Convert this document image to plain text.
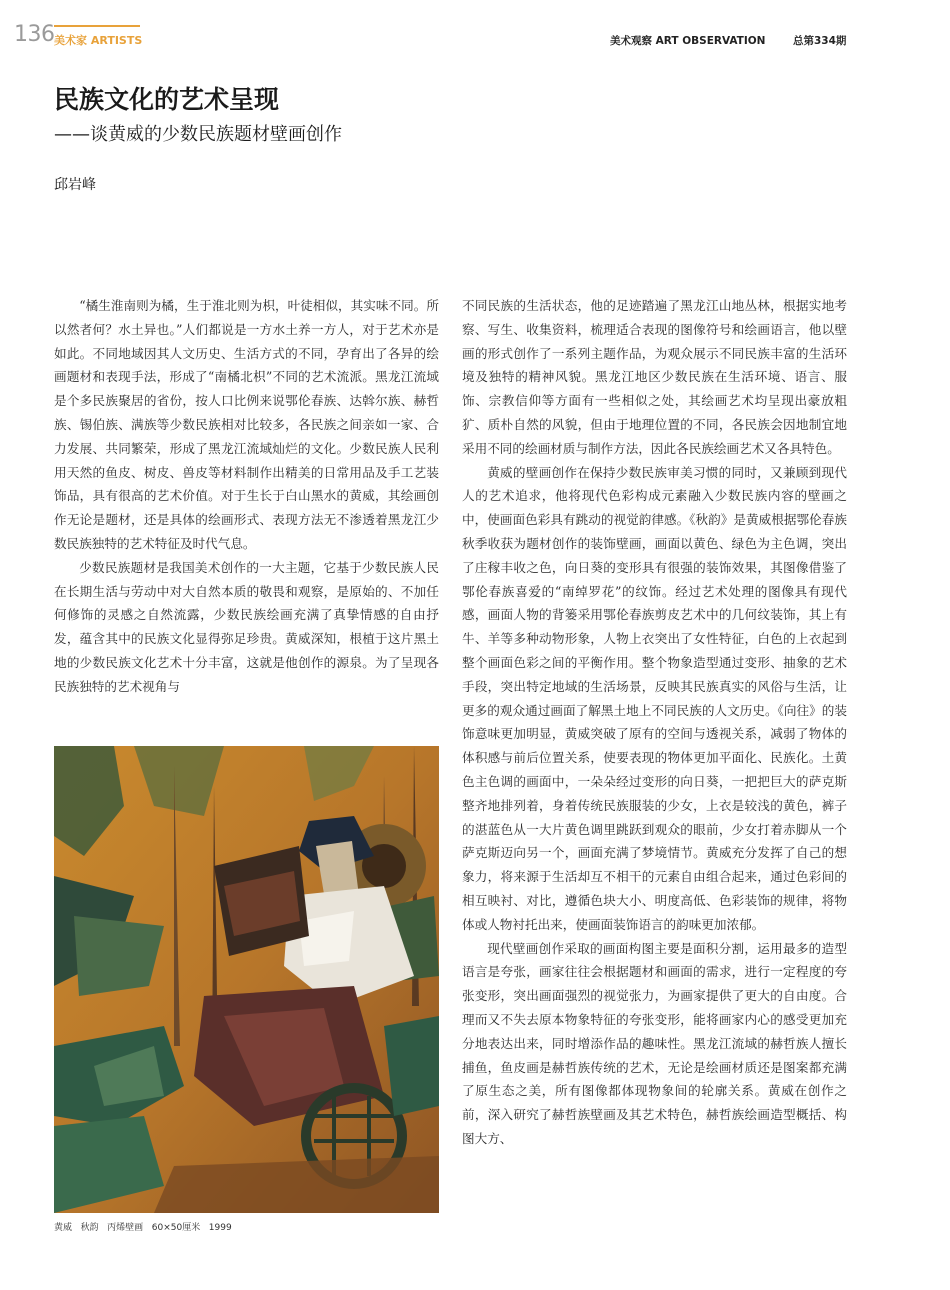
136 美术家 ARTISTS	美术观察 ART OBSERVATION	总第334期
民族文化的艺术呈现
——谈黄威的少数民族题材壁画创作
邱岩峰

“橘生淮南则为橘，生于淮北则为枳，叶徒相似，其实味不同。所以然者何？水土异也。”人们都说是一方水土养一方人，对于艺术亦是如此。不同地域因其人文历史、生活方式的不同，孕育出了各异的绘画题材和表现手法，形成了“南橘北枳”不同的艺术流派。黑龙江流域是个多民族聚居的省份，按人口比例来说鄂伦春族、达斡尔族、赫哲族、锡伯族、满族等少数民族相对比较多，各民族之间亲如一家、合力发展、共同繁荣，形成了黑龙江流域灿烂的文化。少数民族人民利用天然的鱼皮、树皮、兽皮等材料制作出精美的日常用品及手工艺装饰品，具有很高的艺术价值。对于生长于白山黑水的黄威，其绘画创作无论是题材，还是具体的绘画形式、表现方法无不渗透着黑龙江少数民族独特的艺术特征及时代气息。

少数民族题材是我国美术创作的一大主题，它基于少数民族人民在长期生活与劳动中对大自然本质的敬畏和观察，是原始的、不加任何修饰的灵感之自然流露，少数民族绘画充满了真挚情感的自由抒发，蕴含其中的民族文化显得弥足珍贵。黄威深知，根植于这片黑土地的少数民族文化艺术十分丰富，这就是他创作的源泉。为了呈现各民族独特的艺术视角与

黄威   秋韵   丙烯壁画   60×50厘米   1999

不同民族的生活状态，他的足迹踏遍了黑龙江山地丛林，根据实地考察、写生、收集资料，梳理适合表现的图像符号和绘画语言，他以壁画的形式创作了一系列主题作品，为观众展示不同民族丰富的生活环境及独特的精神风貌。黑龙江地区少数民族在生活环境、语言、服饰、宗教信仰等方面有一些相似之处，其绘画艺术均呈现出豪放粗犷、质朴自然的风貌，但由于地理位置的不同，各民族会因地制宜地采用不同的绘画材质与制作方法，因此各民族绘画艺术又各具特色。

黄威的壁画创作在保持少数民族审美习惯的同时，又兼顾到现代人的艺术追求，他将现代色彩构成元素融入少数民族内容的壁画之中，使画面色彩具有跳动的视觉韵律感。《秋韵》是黄威根据鄂伦春族秋季收获为题材创作的装饰壁画，画面以黄色、绿色为主色调，突出了庄稼丰收之色，向日葵的变形具有很强的装饰效果，其图像借鉴了鄂伦春族喜爱的“南绰罗花”的纹饰。经过艺术处理的图像具有现代感，画面人物的背篓采用鄂伦春族剪皮艺术中的几何纹装饰，其上有牛、羊等多种动物形象，人物上衣突出了女性特征，白色的上衣起到整个画面色彩之间的平衡作用。整个物象造型通过变形、抽象的艺术手段，突出特定地域的生活场景，反映其民族真实的风俗与生活，让更多的观众通过画面了解黑土地上不同民族的人文历史。《向往》的装饰意味更加明显，黄威突破了原有的空间与透视关系，减弱了物体的体积感与前后位置关系，使要表现的物体更加平面化、民族化。土黄色主色调的画面中，一朵朵经过变形的向日葵，一把把巨大的萨克斯整齐地排列着，身着传统民族服装的少女，上衣是较浅的黄色，裤子的湛蓝色从一大片黄色调里跳跃到观众的眼前，少女打着赤脚从一个萨克斯迈向另一个，画面充满了梦境情节。黄威充分发挥了自己的想象力，将来源于生活却互不相干的元素自由组合起来，通过色彩间的相互映衬、对比，遵循色块大小、明度高低、色彩装饰的规律，将物体或人物衬托出来，使画面装饰语言的韵味更加浓郁。

现代壁画创作采取的画面构图主要是面积分割，运用最多的造型语言是夸张，画家往往会根据题材和画面的需求，进行一定程度的夸张变形，突出画面强烈的视觉张力，为画家提供了更大的自由度。合理而又不失去原本物象特征的夸张变形，能将画家内心的感受更加充分地表达出来，同时增添作品的趣味性。黑龙江流域的赫哲族人擅长捕鱼，鱼皮画是赫哲族传统的艺术，无论是绘画材质还是图案都充满了原生态之美，所有图像都体现物象间的轮廓关系。黄威在创作之前，深入研究了赫哲族壁画及其艺术特色，赫哲族绘画造型概括、构图大方、
